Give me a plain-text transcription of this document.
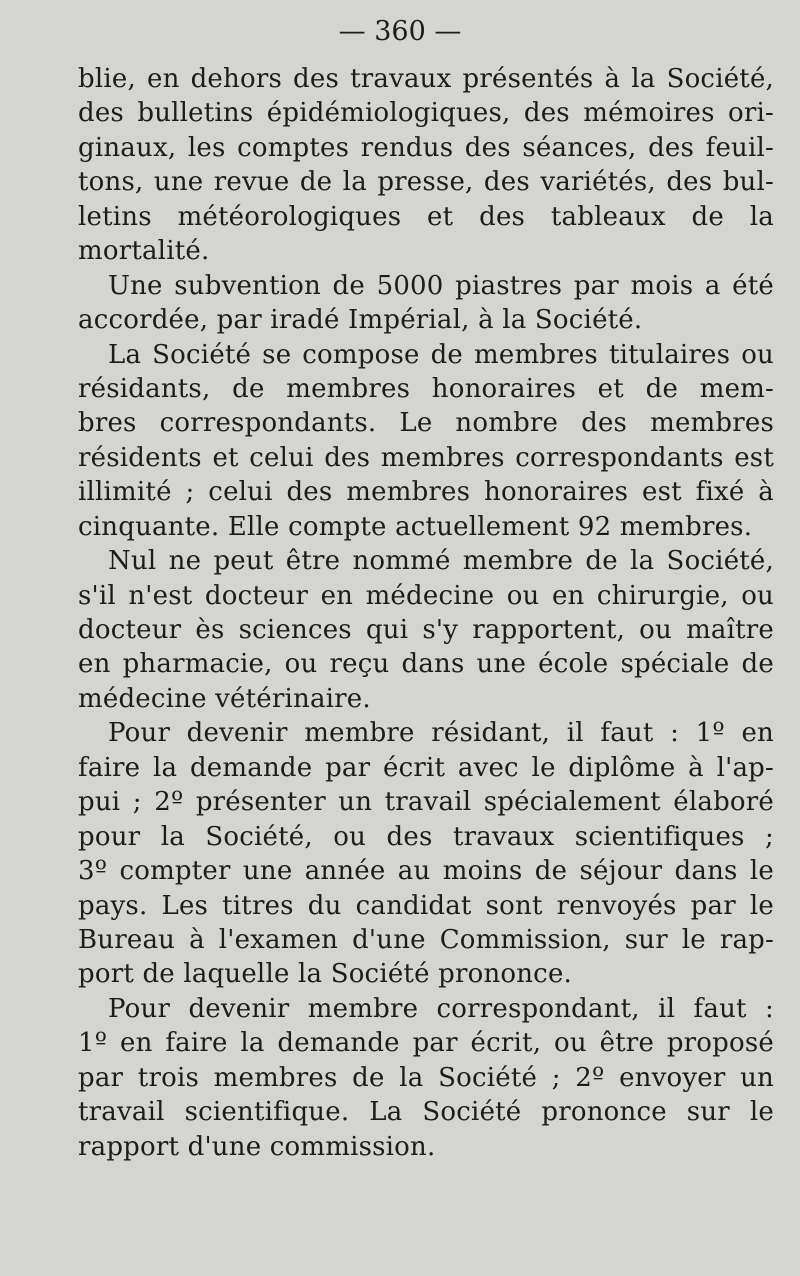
— 360 —
blie, en dehors des travaux présentés à la Société,
des bulletins épidémiologiques, des mémoires ori-
ginaux, les comptes rendus des séances, des feuil-
tons, une revue de la presse, des variétés, des bul-
letins météorologiques et des tableaux de la
mortalité.
Une subvention de 5000 piastres par mois a été
accordée, par iradé Impérial, à la Société.
La Société se compose de membres titulaires ou
résidants, de membres honoraires et de mem-
bres correspondants. Le nombre des membres
résidents et celui des membres correspondants est
illimité ; celui des membres honoraires est fixé à
cinquante. Elle compte actuellement 92 membres.
Nul ne peut être nommé membre de la Société,
s'il n'est docteur en médecine ou en chirurgie, ou
docteur ès sciences qui s'y rapportent, ou maître
en pharmacie, ou reçu dans une école spéciale de
médecine vétérinaire.
Pour devenir membre résidant, il faut : 1º en
faire la demande par écrit avec le diplôme à l'ap-
pui ; 2º présenter un travail spécialement élaboré
pour la Société, ou des travaux scientifiques ;
3º compter une année au moins de séjour dans le
pays. Les titres du candidat sont renvoyés par le
Bureau à l'examen d'une Commission, sur le rap-
port de laquelle la Société prononce.
Pour devenir membre correspondant, il faut :
1º en faire la demande par écrit, ou être proposé
par trois membres de la Société ; 2º envoyer un
travail scientifique. La Société prononce sur le
rapport d'une commission.
